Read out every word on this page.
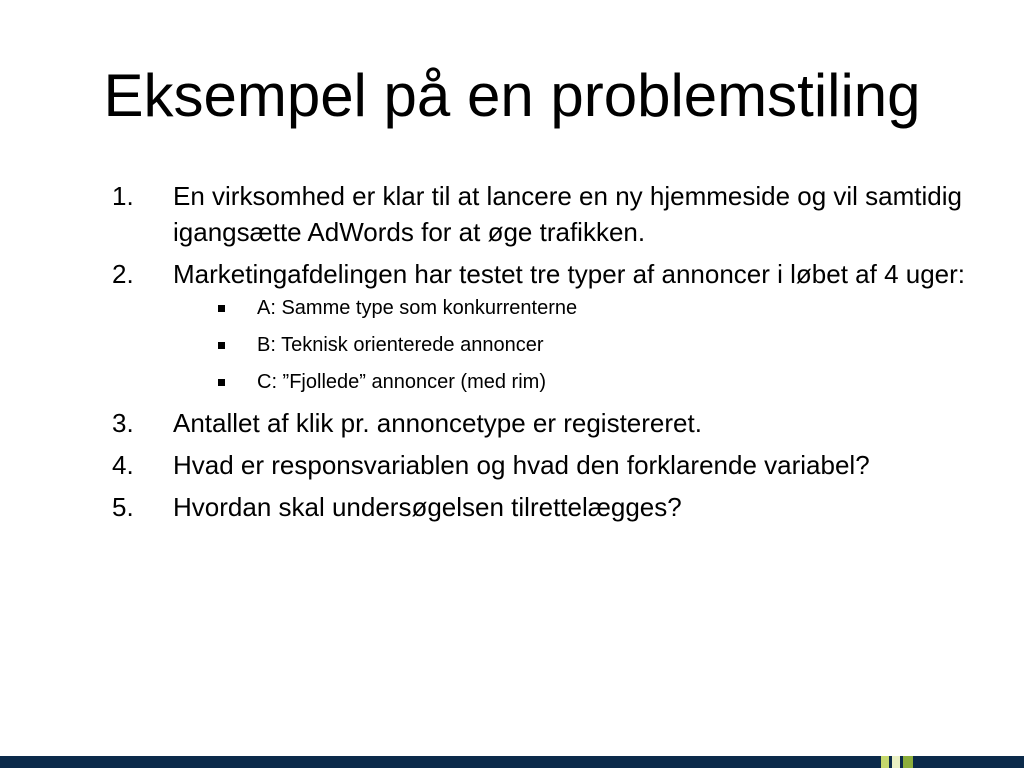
Eksempel på en problemstiling
1. En virksomhed er klar til at lancere en ny hjemmeside og vil samtidig igangsætte AdWords for at øge trafikken.
2. Marketingafdelingen har testet tre typer af annoncer i løbet af 4 uger:
A: Samme type som konkurrenterne
B: Teknisk orienterede annoncer
C: ”Fjollede” annoncer (med rim)
3. Antallet af klik pr. annoncetype er registereret.
4. Hvad er responsvariablen og hvad den forklarende variabel?
5. Hvordan skal undersøgelsen tilrettelægges?
